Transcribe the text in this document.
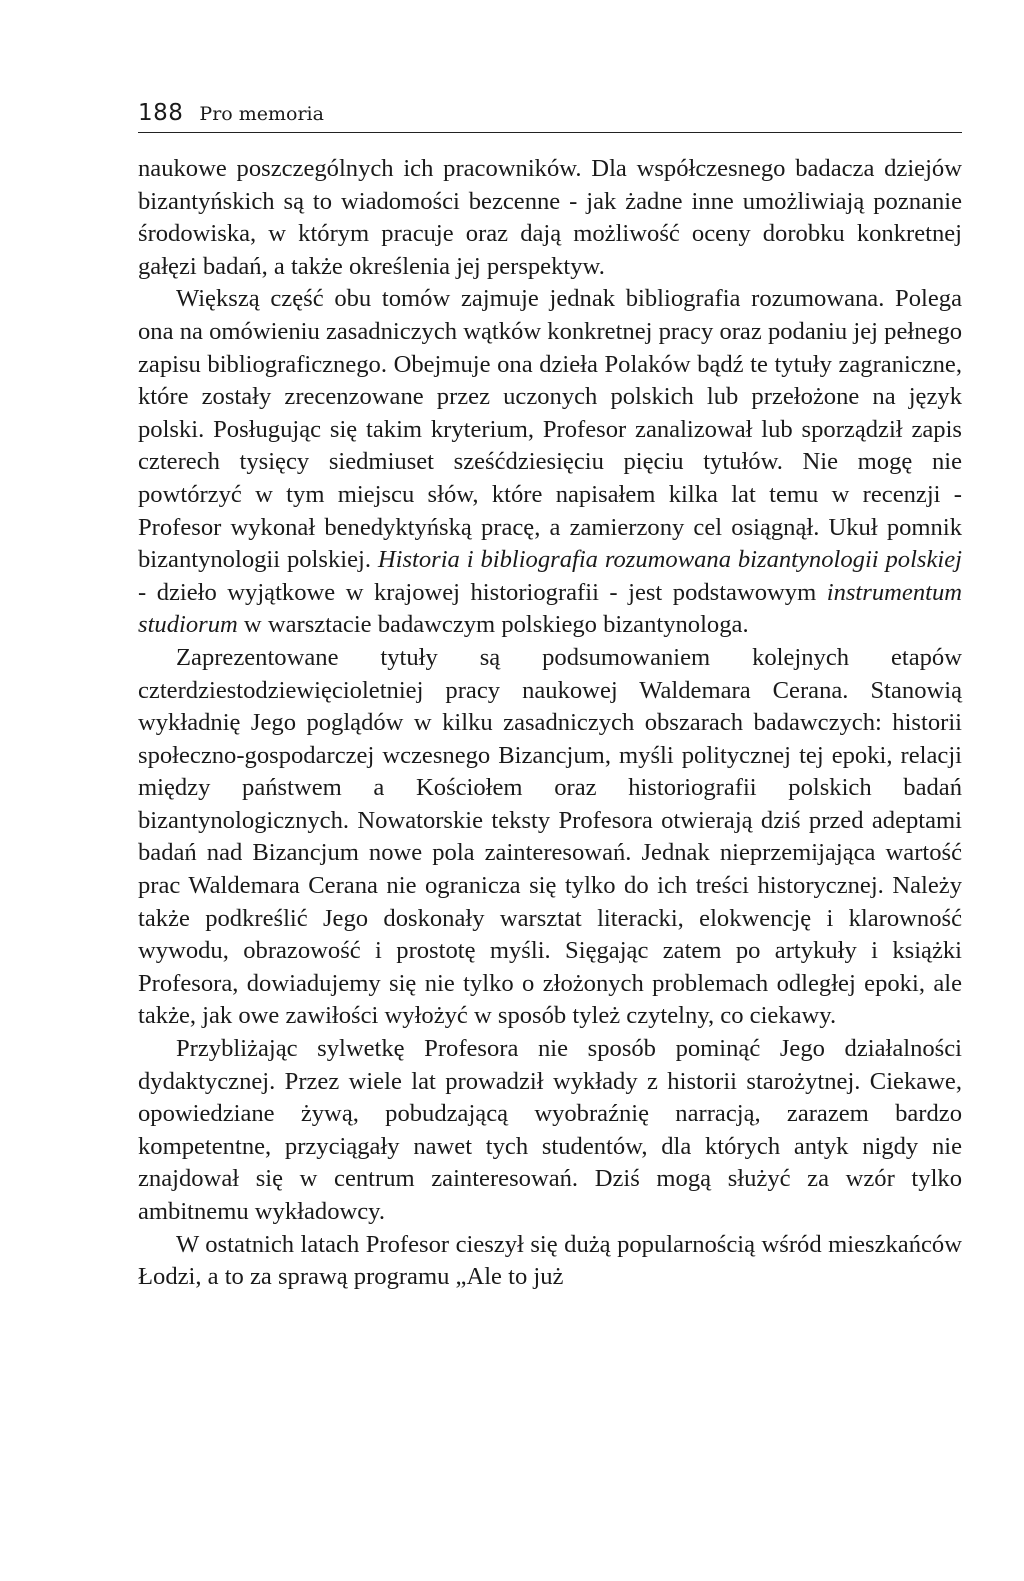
188 Pro memoria

naukowe poszczególnych ich pracowników. Dla współczesnego badacza dziejów bizantyńskich są to wiadomości bezcenne - jak żadne inne umożliwiają poznanie środowiska, w którym pracuje oraz dają możliwość oceny dorobku konkretnej gałęzi badań, a także określenia jej perspektyw.

Większą część obu tomów zajmuje jednak bibliografia rozumowana. Polega ona na omówieniu zasadniczych wątków konkretnej pracy oraz podaniu jej pełnego zapisu bibliograficznego. Obejmuje ona dzieła Polaków bądź te tytuły zagraniczne, które zostały zrecenzowane przez uczonych polskich lub przełożone na język polski. Posługując się takim kryterium, Profesor zanalizował lub sporządził zapis czterech tysięcy siedmiuset sześćdziesięciu pięciu tytułów. Nie mogę nie powtórzyć w tym miejscu słów, które napisałem kilka lat temu w recenzji - Profesor wykonał benedyktyńską pracę, a zamierzony cel osiągnął. Ukuł pomnik bizantynologii polskiej. Historia i bibliografia rozumowana bizantynologii polskiej - dzieło wyjątkowe w krajowej historiografii - jest podstawowym instrumentum studiorum w warsztacie badawczym polskiego bizantynologa.

Zaprezentowane tytuły są podsumowaniem kolejnych etapów czterdziestodziewięcioletniej pracy naukowej Waldemara Cerana. Stanowią wykładnię Jego poglądów w kilku zasadniczych obszarach badawczych: historii społeczno-gospodarczej wczesnego Bizancjum, myśli politycznej tej epoki, relacji między państwem a Kościołem oraz historiografii polskich badań bizantynologicznych. Nowatorskie teksty Profesora otwierają dziś przed adeptami badań nad Bizancjum nowe pola zainteresowań. Jednak nieprzemijająca wartość prac Waldemara Cerana nie ogranicza się tylko do ich treści historycznej. Należy także podkreślić Jego doskonały warsztat literacki, elokwencję i klarowność wywodu, obrazowość i prostotę myśli. Sięgając zatem po artykuły i książki Profesora, dowiadujemy się nie tylko o złożonych problemach odległej epoki, ale także, jak owe zawiłości wyłożyć w sposób tyleż czytelny, co ciekawy.

Przybliżając sylwetkę Profesora nie sposób pominąć Jego działalności dydaktycznej. Przez wiele lat prowadził wykłady z historii starożytnej. Ciekawe, opowiedziane żywą, pobudzającą wyobraźnię narracją, zarazem bardzo kompetentne, przyciągały nawet tych studentów, dla których antyk nigdy nie znajdował się w centrum zainteresowań. Dziś mogą służyć za wzór tylko ambitnemu wykładowcy.

W ostatnich latach Profesor cieszył się dużą popularnością wśród mieszkańców Łodzi, a to za sprawą programu „Ale to już
